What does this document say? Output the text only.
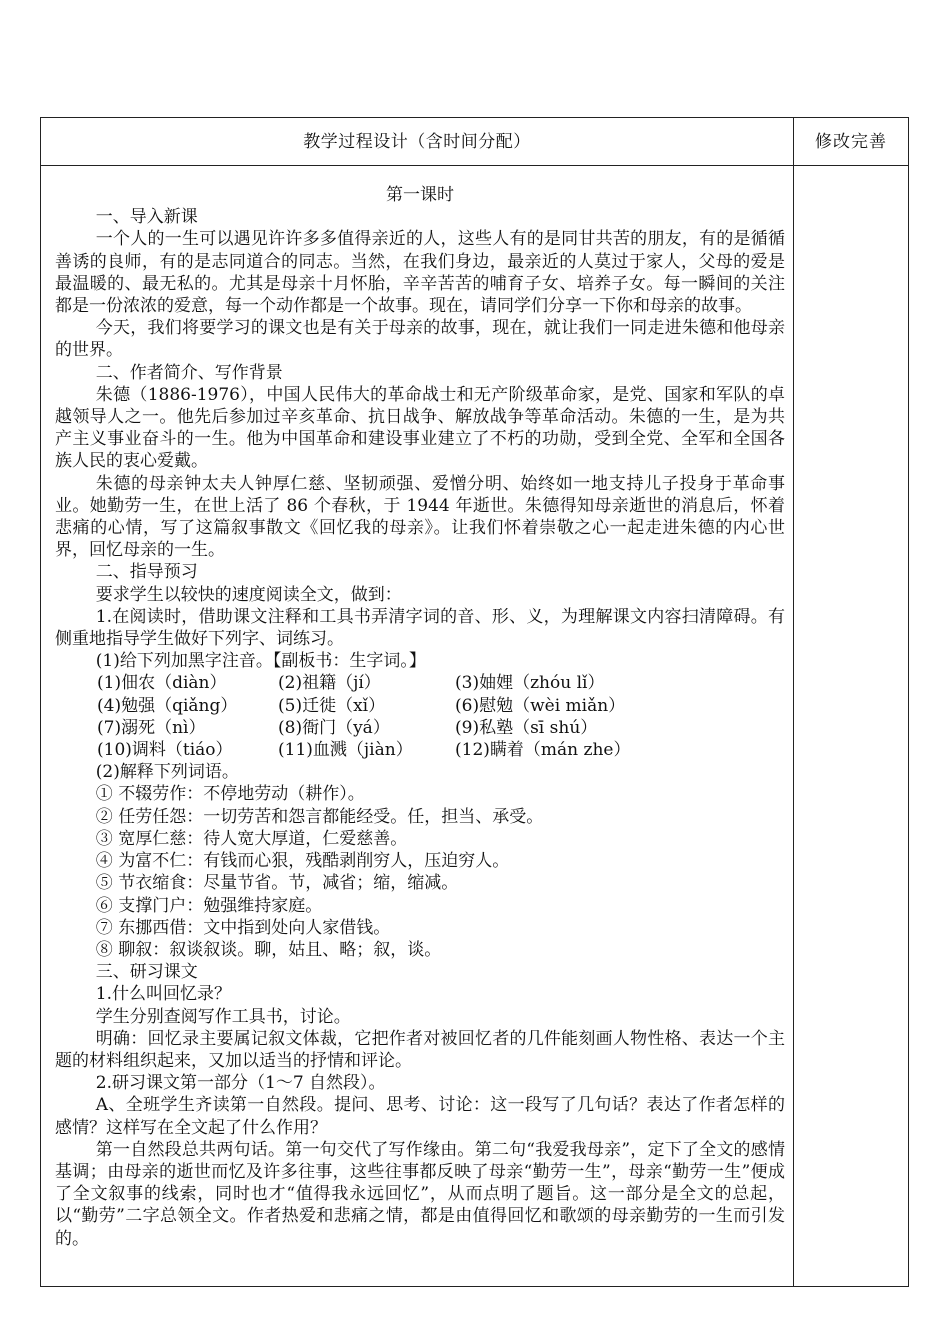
教学过程设计（含时间分配）	修改完善

第一课时

一、导入新课

一个人的一生可以遇见许许多多值得亲近的人，这些人有的是同甘共苦的朋友，有的是循循善诱的良师，有的是志同道合的同志。当然，在我们身边，最亲近的人莫过于家人，父母的爱是最温暖的、最无私的。尤其是母亲十月怀胎，辛辛苦苦的哺育子女、培养子女。每一瞬间的关注都是一份浓浓的爱意，每一个动作都是一个故事。现在，请同学们分享一下你和母亲的故事。

今天，我们将要学习的课文也是有关于母亲的故事，现在，就让我们一同走进朱德和他母亲的世界。

二、作者简介、写作背景

朱德（1886-1976），中国人民伟大的革命战士和无产阶级革命家，是党、国家和军队的卓越领导人之一。他先后参加过辛亥革命、抗日战争、解放战争等革命活动。朱德的一生，是为共产主义事业奋斗的一生。他为中国革命和建设事业建立了不朽的功勋，受到全党、全军和全国各族人民的衷心爱戴。

朱德的母亲钟太夫人钟厚仁慈、坚韧顽强、爱憎分明、始终如一地支持儿子投身于革命事业。她勤劳一生，在世上活了 86 个春秋，于 1944 年逝世。朱德得知母亲逝世的消息后，怀着悲痛的心情，写了这篇叙事散文《回忆我的母亲》。让我们怀着崇敬之心一起走进朱德的内心世界，回忆母亲的一生。

二、指导预习

要求学生以较快的速度阅读全文，做到：

1.在阅读时，借助课文注释和工具书弄清字词的音、形、义，为理解课文内容扫清障碍。有侧重地指导学生做好下列字、词练习。

(1)给下列加黑字注音。【副板书：生字词。】

(1)佃农（diàn）	(2)祖籍（jí）	(3)妯娌（zhóu lǐ）
(4)勉强（qiǎng）	(5)迁徙（xǐ）	(6)慰勉（wèi miǎn）
(7)溺死（nì）	(8)衙门（yá）	(9)私塾（sī shú）
(10)调料（tiáo）	(11)血溅（jiàn）	(12)瞒着（mán zhe）

(2)解释下列词语。

① 不辍劳作：不停地劳动（耕作）。

② 任劳任怨：一切劳苦和怨言都能经受。任，担当、承受。

③ 宽厚仁慈：待人宽大厚道，仁爱慈善。

④ 为富不仁：有钱而心狠，残酷剥削穷人，压迫穷人。

⑤ 节衣缩食：尽量节省。节，减省；缩，缩减。

⑥ 支撑门户：勉强维持家庭。

⑦ 东挪西借：文中指到处向人家借钱。

⑧ 聊叙：叙谈叙谈。聊，姑且、略；叙，谈。

三、研习课文

1.什么叫回忆录？

学生分别查阅写作工具书，讨论。

明确：回忆录主要属记叙文体裁，它把作者对被回忆者的几件能刻画人物性格、表达一个主题的材料组织起来，又加以适当的抒情和评论。

2.研习课文第一部分（1～7 自然段）。

A、全班学生齐读第一自然段。提问、思考、讨论：这一段写了几句话？表达了作者怎样的感情？这样写在全文起了什么作用？

第一自然段总共两句话。第一句交代了写作缘由。第二句“我爱我母亲”，定下了全文的感情基调；由母亲的逝世而忆及许多往事，这些往事都反映了母亲“勤劳一生”，母亲“勤劳一生”便成了全文叙事的线索，同时也才“值得我永远回忆”，从而点明了题旨。这一部分是全文的总起，以“勤劳”二字总领全文。作者热爱和悲痛之情，都是由值得回忆和歌颂的母亲勤劳的一生而引发的。
